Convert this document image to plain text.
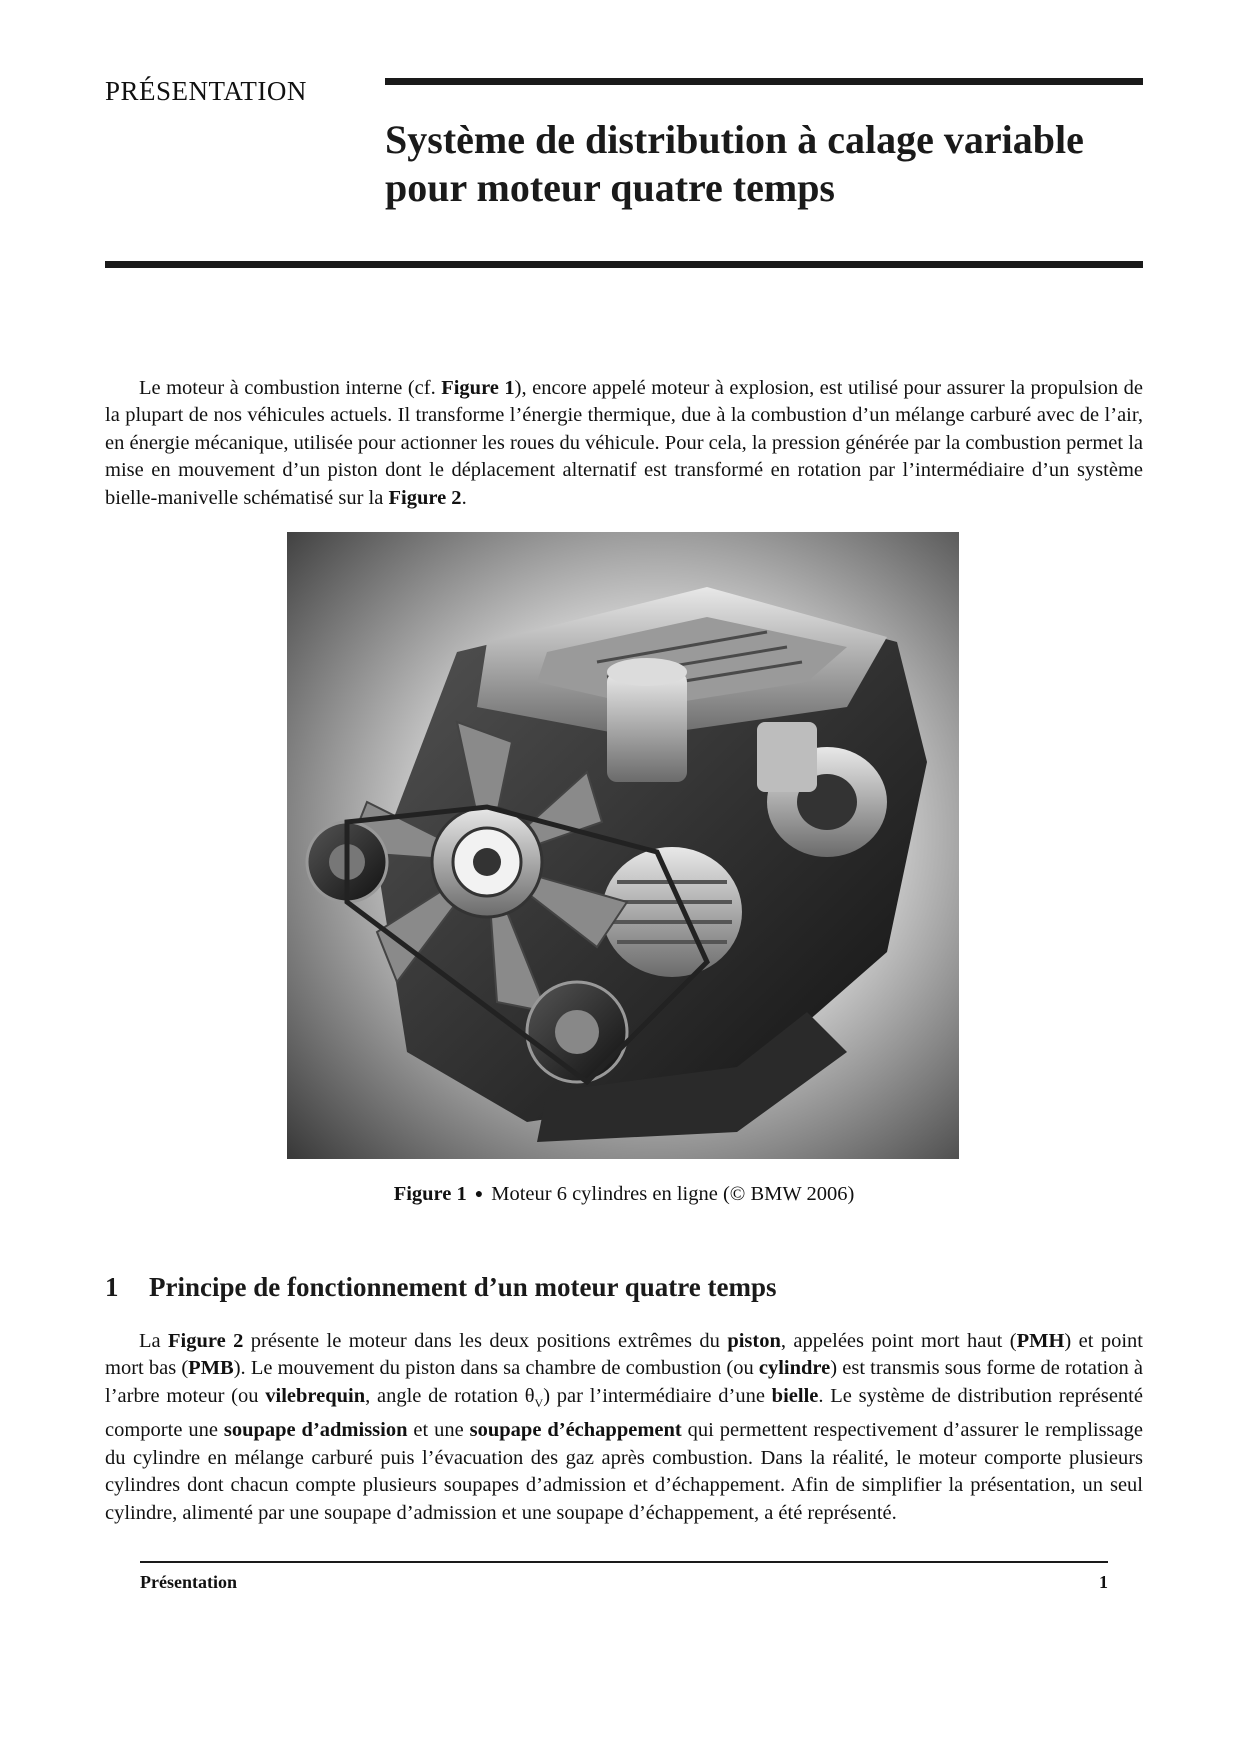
PRÉSENTATION
Système de distribution à calage variable
pour moteur quatre temps

Le moteur à combustion interne (cf. Figure 1), encore appelé moteur à explosion, est utilisé pour assurer la propulsion de la plupart de nos véhicules actuels. Il transforme l’énergie thermique, due à la combustion d’un mélange carburé avec de l’air, en énergie mécanique, utilisée pour actionner les roues du véhicule. Pour cela, la pression générée par la combustion permet la mise en mouvement d’un piston dont le déplacement alternatif est transformé en rotation par l’intermédiaire d’un système bielle-manivelle schématisé sur la Figure 2.

Figure 1 ● Moteur 6 cylindres en ligne (© BMW 2006)
1 Principe de fonctionnement d’un moteur quatre temps

La Figure 2 présente le moteur dans les deux positions extrêmes du piston, appelées point mort haut (PMH) et point mort bas (PMB). Le mouvement du piston dans sa chambre de combustion (ou cylindre) est transmis sous forme de rotation à l’arbre moteur (ou vilebrequin, angle de rotation $\theta_V$) par l’intermédiaire d’une bielle. Le système de distribution représenté comporte une soupape d’admission et une soupape d’échappement qui permettent respectivement d’assurer le remplissage du cylindre en mélange carburé puis l’évacuation des gaz après combustion. Dans la réalité, le moteur comporte plusieurs cylindres dont chacun compte plusieurs soupapes d’admission et d’échappement. Afin de simplifier la présentation, un seul cylindre, alimenté par une soupape d’admission et une soupape d’échappement, a été représenté.

Présentation	1
